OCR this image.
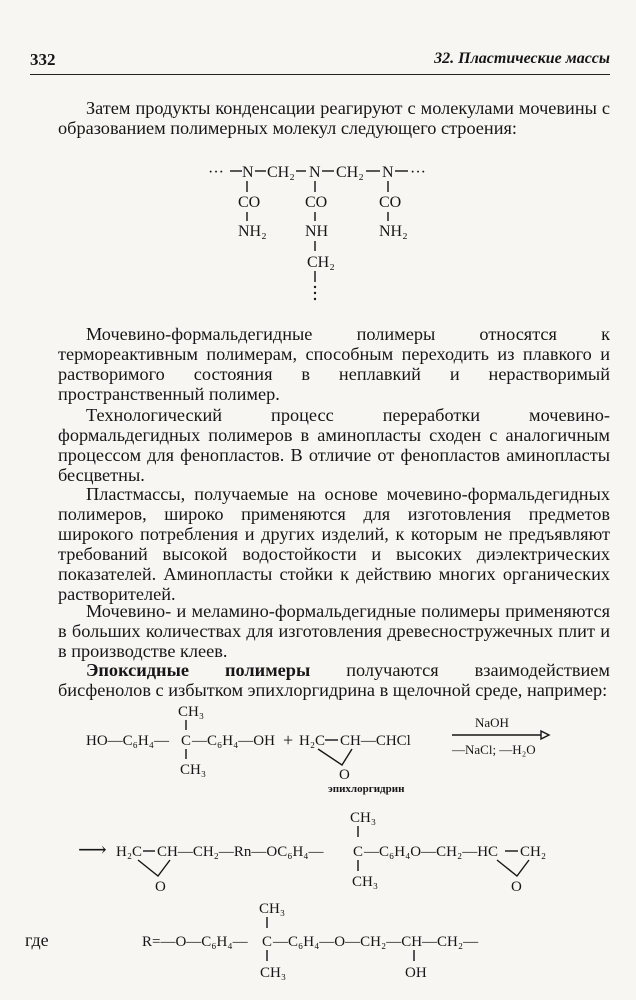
332	32. Пластические массы
Затем продукты конденсации реагируют с молекулами мочевины с образованием полимерных молекул следующего строения:
··· N CH₂ N CH₂ N ···
CO	CO	CO
NH₂ NH	NH₂
CH₂
CH₃
HO—C₆H₄— C —C₆H₄—OH
CH₃
+ H₂C CH—CHCl
O
NaOH
—NaCl; —H₂O
эпихлоргидрин
CH₃
⟶ H₂C CH—CH₂—Rn—OC₆H₄— C —C₆H₄O—CH₂—HC CH₂
O	O
CH₃
CH₃
R=—O—C₆H₄— C —C₆H₄—O—CH₂—CH—CH₂—
CH₃	OH
Мочевино-формальдегидные полимеры относятся к термореактивным полимерам, способным переходить из плавкого и растворимого состояния в неплавкий и нерастворимый пространственный полимер.
Технологический процесс переработки мочевино-формальдегидных полимеров в аминопласты сходен с аналогичным процессом для фенопластов. В отличие от фенопластов аминопласты бесцветны.
Пластмассы, получаемые на основе мочевино-формальдегидных полимеров, широко применяются для изготовления предметов широкого потребления и других изделий, к которым не предъявляют требований высокой водостойкости и высоких диэлектрических показателей. Аминопласты стойки к действию многих органических растворителей.
Мочевино- и меламино-формальдегидные полимеры применяются в больших количествах для изготовления древесностружечных плит и в производстве клеев.
Эпоксидные полимеры получаются взаимодействием бисфенолов с избытком эпихлоргидрина в щелочной среде, например:
где
